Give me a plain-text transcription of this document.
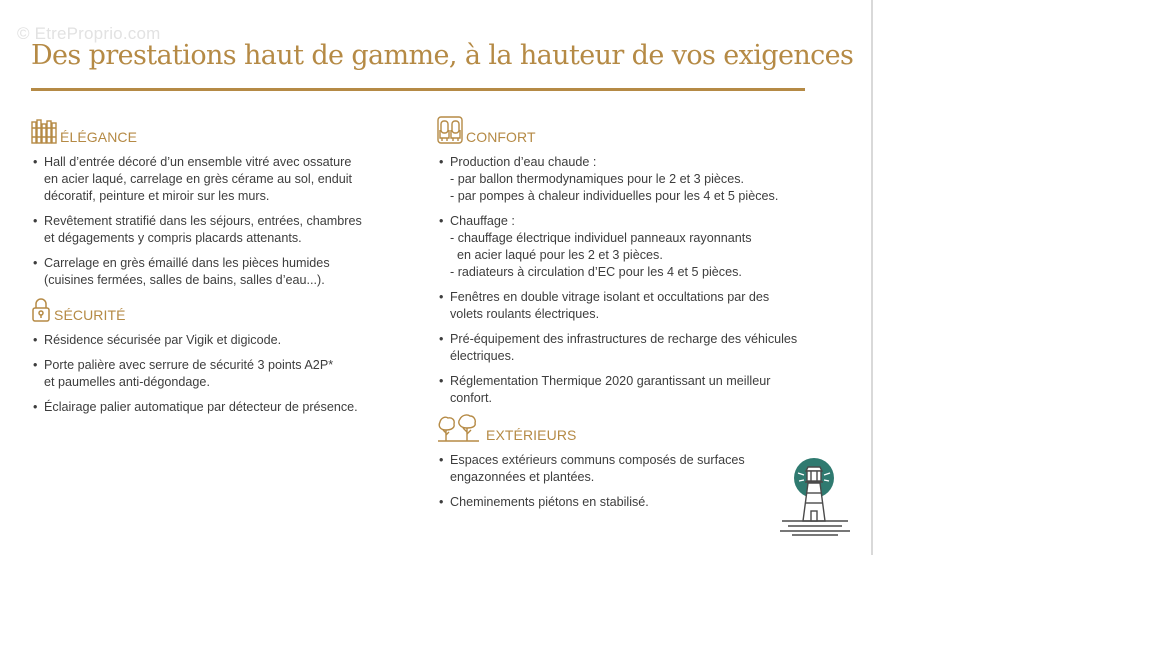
© EtreProprio.com
Des prestations haut de gamme, à la hauteur de vos exigences
ÉLÉGANCE
• Hall d’entrée décoré d’un ensemble vitré avec ossature
en acier laqué, carrelage en grès cérame au sol, enduit
décoratif, peinture et miroir sur les murs.
• Revêtement stratifié dans les séjours, entrées, chambres
et dégagements y compris placards attenants.
• Carrelage en grès émaillé dans les pièces humides
(cuisines fermées, salles de bains, salles d’eau...).
SÉCURITÉ
• Résidence sécurisée par Vigik et digicode.
• Porte palière avec serrure de sécurité 3 points A2P*
et paumelles anti-dégondage.
• Éclairage palier automatique par détecteur de présence.
CONFORT
• Production d’eau chaude :
- par ballon thermodynamiques pour le 2 et 3 pièces.
- par pompes à chaleur individuelles pour les 4 et 5 pièces.
• Chauffage :
- chauffage électrique individuel panneaux rayonnants
en acier laqué pour les 2 et 3 pièces.
- radiateurs à circulation d’EC pour les 4 et 5 pièces.
• Fenêtres en double vitrage isolant et occultations par des
volets roulants électriques.
• Pré-équipement des infrastructures de recharge des véhicules
électriques.
• Réglementation Thermique 2020 garantissant un meilleur
confort.
EXTÉRIEURS
• Espaces extérieurs communs composés de surfaces
engazonnées et plantées.
• Cheminements piétons en stabilisé.
